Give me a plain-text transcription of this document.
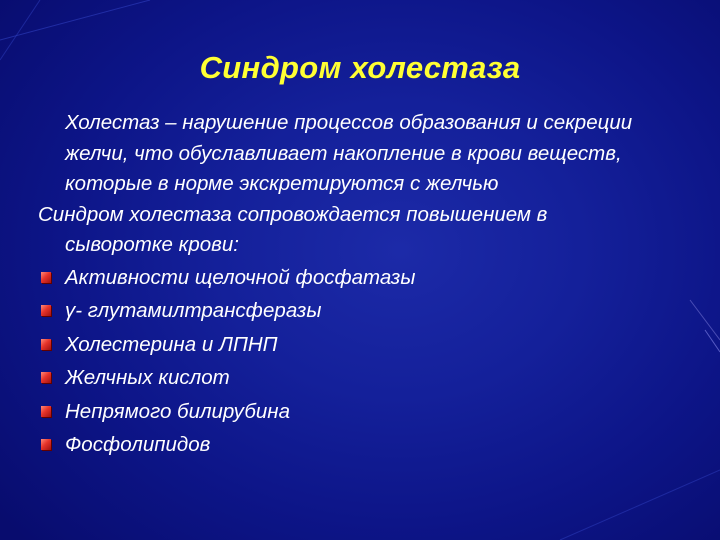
Синдром холестаза
Холестаз – нарушение процессов образования и секреции желчи, что обуславливает накопление в крови веществ, которые в норме экскретируются с желчью
Синдром холестаза сопровождается повышением в
сыворотке крови:
Активности щелочной фосфатазы
γ- глутамилтрансферазы
Холестерина и ЛПНП
Желчных кислот
Непрямого билирубина
Фосфолипидов
